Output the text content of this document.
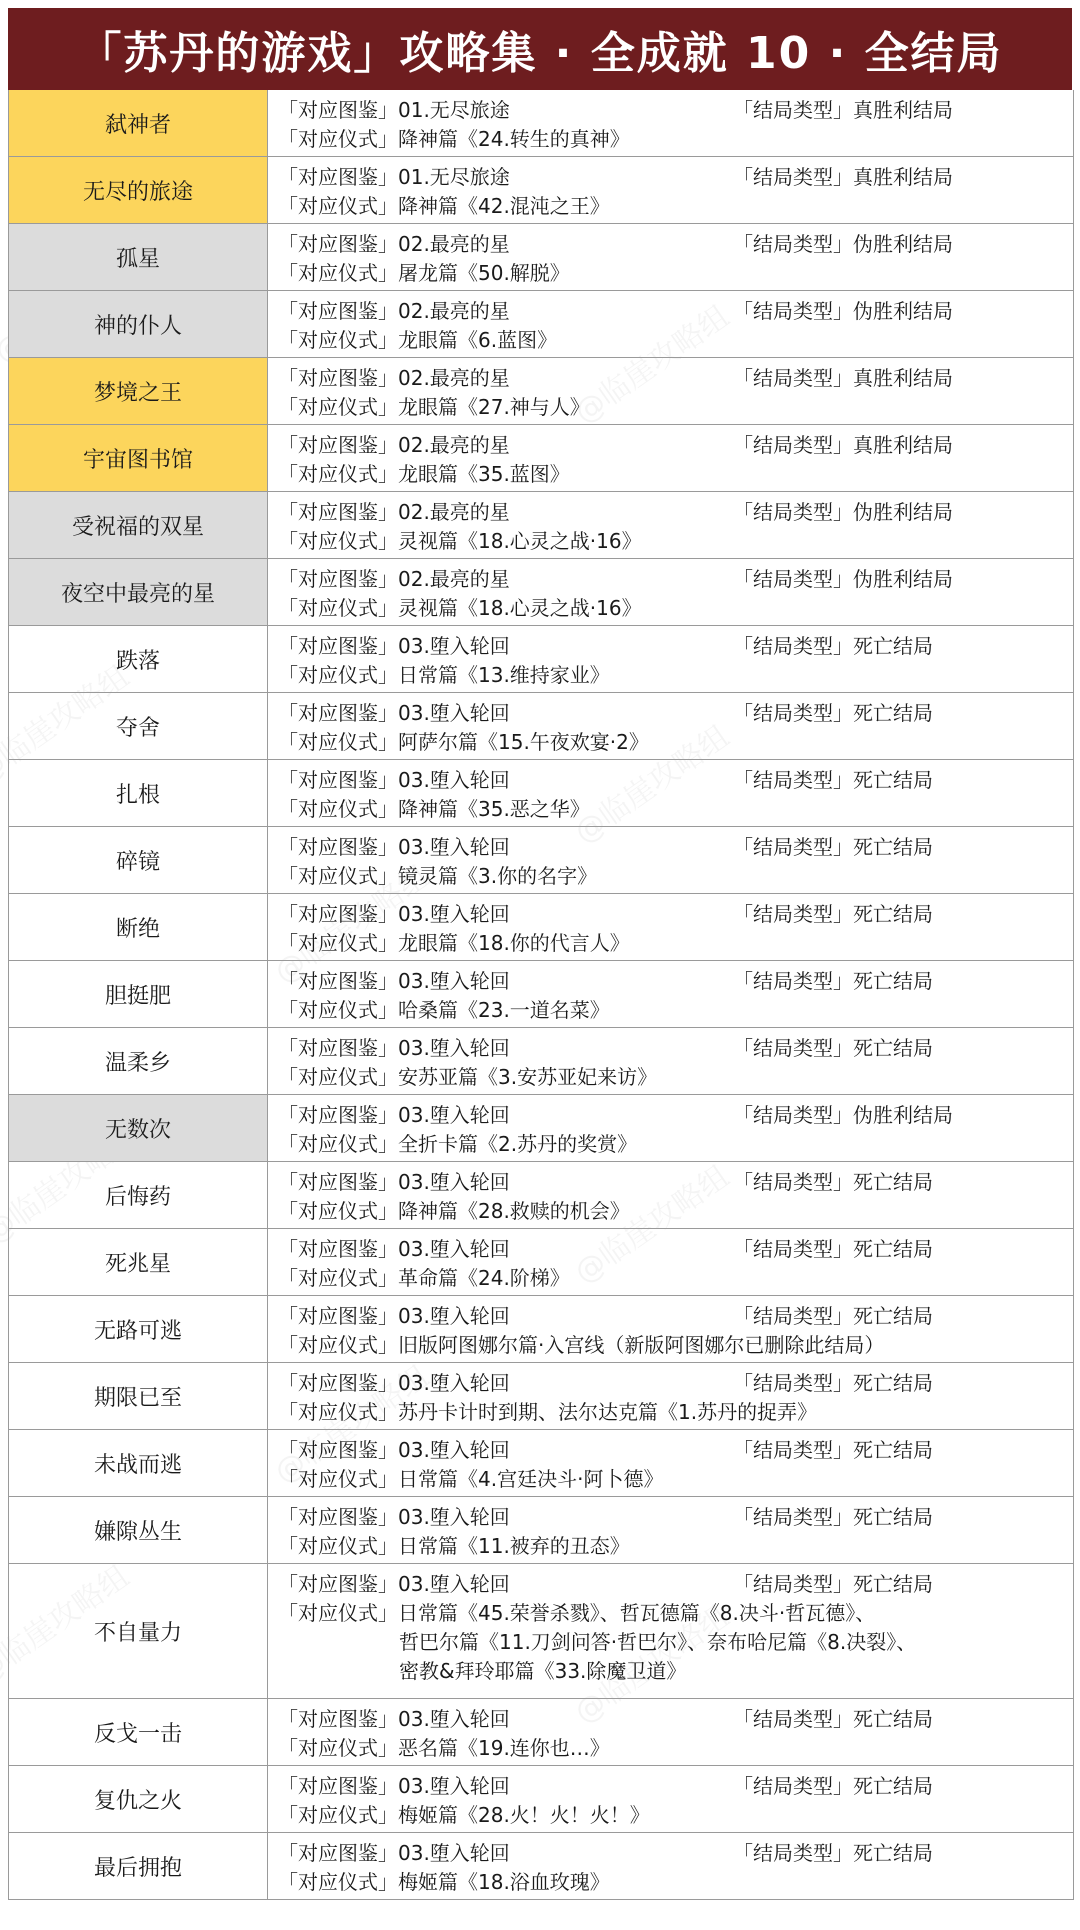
「苏丹的游戏」攻略集 · 全成就 10 · 全结局
弑神者
「对应图鉴」01.无尽旅途	「结局类型」真胜利结局
「对应仪式」降神篇《24.转生的真神》
无尽的旅途
「对应图鉴」01.无尽旅途	「结局类型」真胜利结局
「对应仪式」降神篇《42.混沌之王》
孤星
「对应图鉴」02.最亮的星	「结局类型」伪胜利结局
「对应仪式」屠龙篇《50.解脱》
神的仆人
「对应图鉴」02.最亮的星	「结局类型」伪胜利结局
「对应仪式」龙眼篇《6.蓝图》
梦境之王
「对应图鉴」02.最亮的星	「结局类型」真胜利结局
「对应仪式」龙眼篇《27.神与人》
宇宙图书馆
「对应图鉴」02.最亮的星	「结局类型」真胜利结局
「对应仪式」龙眼篇《35.蓝图》
受祝福的双星
「对应图鉴」02.最亮的星	「结局类型」伪胜利结局
「对应仪式」灵视篇《18.心灵之战·16》
夜空中最亮的星
「对应图鉴」02.最亮的星	「结局类型」伪胜利结局
「对应仪式」灵视篇《18.心灵之战·16》
跌落
「对应图鉴」03.堕入轮回	「结局类型」死亡结局
「对应仪式」日常篇《13.维持家业》
夺舍
「对应图鉴」03.堕入轮回	「结局类型」死亡结局
「对应仪式」阿萨尔篇《15.午夜欢宴·2》
扎根
「对应图鉴」03.堕入轮回	「结局类型」死亡结局
「对应仪式」降神篇《35.恶之华》
碎镜
「对应图鉴」03.堕入轮回	「结局类型」死亡结局
「对应仪式」镜灵篇《3.你的名字》
断绝
「对应图鉴」03.堕入轮回	「结局类型」死亡结局
「对应仪式」龙眼篇《18.你的代言人》
胆挺肥
「对应图鉴」03.堕入轮回	「结局类型」死亡结局
「对应仪式」哈桑篇《23.一道名菜》
温柔乡
「对应图鉴」03.堕入轮回	「结局类型」死亡结局
「对应仪式」安苏亚篇《3.安苏亚妃来访》
无数次
「对应图鉴」03.堕入轮回	「结局类型」伪胜利结局
「对应仪式」全折卡篇《2.苏丹的奖赏》
后悔药
「对应图鉴」03.堕入轮回	「结局类型」死亡结局
「对应仪式」降神篇《28.救赎的机会》
死兆星
「对应图鉴」03.堕入轮回	「结局类型」死亡结局
「对应仪式」革命篇《24.阶梯》
无路可逃
「对应图鉴」03.堕入轮回	「结局类型」死亡结局
「对应仪式」旧版阿图娜尔篇·入宫线（新版阿图娜尔已删除此结局）
期限已至
「对应图鉴」03.堕入轮回	「结局类型」死亡结局
「对应仪式」苏丹卡计时到期、法尔达克篇《1.苏丹的捉弄》
未战而逃
「对应图鉴」03.堕入轮回	「结局类型」死亡结局
「对应仪式」日常篇《4.宫廷决斗·阿卜德》
嫌隙丛生
「对应图鉴」03.堕入轮回	「结局类型」死亡结局
「对应仪式」日常篇《11.被弃的丑态》
不自量力
「对应图鉴」03.堕入轮回	「结局类型」死亡结局
「对应仪式」日常篇《45.荣誉杀戮》、哲瓦德篇《8.决斗·哲瓦德》、
哲巴尔篇《11.刀剑问答·哲巴尔》、奈布哈尼篇《8.决裂》、
密教&拜玲耶篇《33.除魔卫道》
反戈一击
「对应图鉴」03.堕入轮回	「结局类型」死亡结局
「对应仪式」恶名篇《19.连你也…》
复仇之火
「对应图鉴」03.堕入轮回	「结局类型」死亡结局
「对应仪式」梅姬篇《28.火！火！火！》
最后拥抱
「对应图鉴」03.堕入轮回	「结局类型」死亡结局
「对应仪式」梅姬篇《18.浴血玫瑰》
